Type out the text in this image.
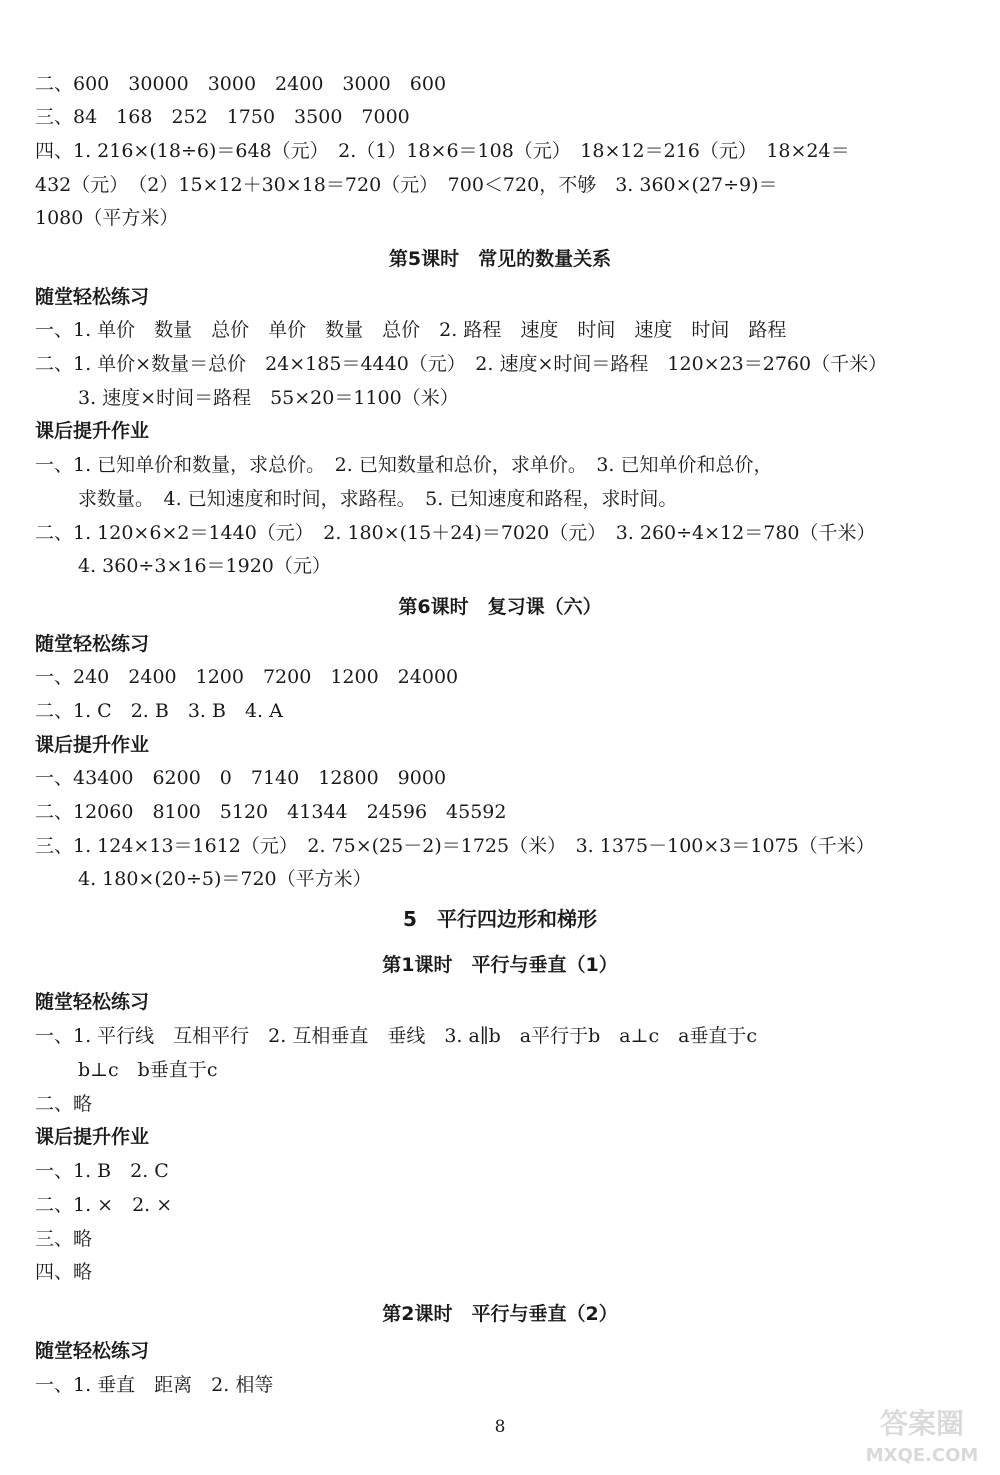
二、600　30000　3000　2400　3000　600
三、84　168　252　1750　3500　7000
四、1. 216×(18÷6)＝648（元）　2.（1）18×6＝108（元）　18×12＝216（元）　18×24＝
432（元）　（2）15×12＋30×18＝720（元）　700＜720，不够　3. 360×(27÷9)＝
1080（平方米）
第5课时　常见的数量关系
随堂轻松练习
一、1. 单价　数量　总价　单价　数量　总价　2. 路程　速度　时间　速度　时间　路程
二、1. 单价×数量＝总价　24×185＝4440（元）　2. 速度×时间＝路程　120×23＝2760（千米）
3. 速度×时间＝路程　55×20＝1100（米）
课后提升作业
一、1. 已知单价和数量，求总价。　2. 已知数量和总价，求单价。　3. 已知单价和总价，
求数量。　4. 已知速度和时间，求路程。　5. 已知速度和路程，求时间。
二、1. 120×6×2＝1440（元）　2. 180×(15＋24)＝7020（元）　3. 260÷4×12＝780（千米）
4. 360÷3×16＝1920（元）
第6课时　复习课（六）
随堂轻松练习
一、240　2400　1200　7200　1200　24000
二、1. C　2. B　3. B　4. A
课后提升作业
一、43400　6200　0　7140　12800　9000
二、12060　8100　5120　41344　24596　45592
三、1. 124×13＝1612（元）　2. 75×(25－2)＝1725（米）　3. 1375－100×3＝1075（千米）
4. 180×(20÷5)＝720（平方米）
5　平行四边形和梯形
第1课时　平行与垂直（1）
随堂轻松练习
一、1. 平行线　互相平行　2. 互相垂直　垂线　3. a∥b　a平行于b　a⊥c　a垂直于c
b⊥c　b垂直于c
二、略
课后提升作业
一、1. B　2. C
二、1. ×　2. ×
三、略
四、略
第2课时　平行与垂直（2）
随堂轻松练习
一、1. 垂直　距离　2. 相等
8	答案圈
MXQE.COM
